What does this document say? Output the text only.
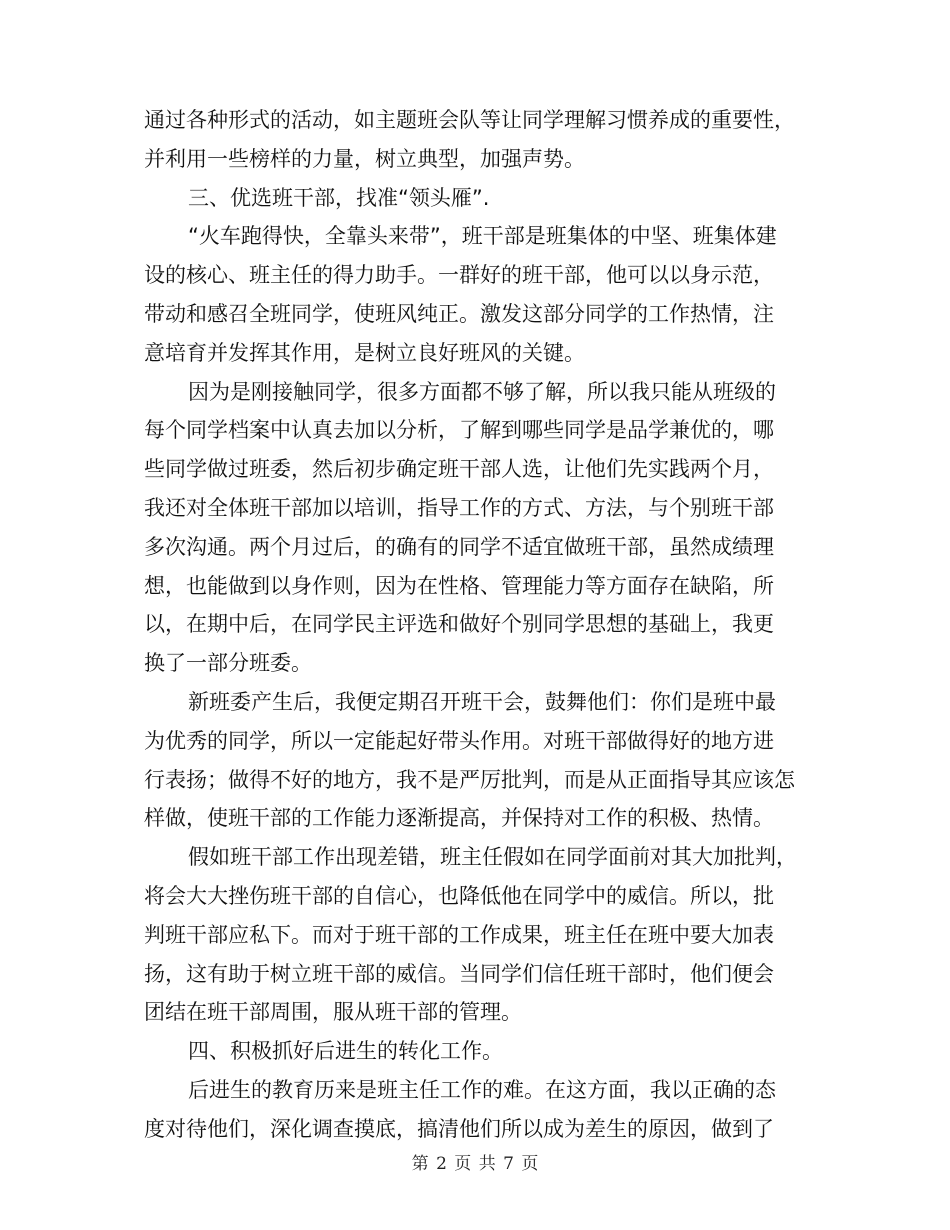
通过各种形式的活动，如主题班会队等让同学理解习惯养成的重要性，
并利用一些榜样的力量，树立典型，加强声势。
三、优选班干部，找准“领头雁”.
“火车跑得快，全靠头来带”，班干部是班集体的中坚、班集体建
设的核心、班主任的得力助手。一群好的班干部，他可以以身示范，
带动和感召全班同学，使班风纯正。激发这部分同学的工作热情，注
意培育并发挥其作用，是树立良好班风的关键。
因为是刚接触同学，很多方面都不够了解，所以我只能从班级的
每个同学档案中认真去加以分析，了解到哪些同学是品学兼优的，哪
些同学做过班委，然后初步确定班干部人选，让他们先实践两个月，
我还对全体班干部加以培训，指导工作的方式、方法，与个别班干部
多次沟通。两个月过后，的确有的同学不适宜做班干部，虽然成绩理
想，也能做到以身作则，因为在性格、管理能力等方面存在缺陷，所
以，在期中后，在同学民主评选和做好个别同学思想的基础上，我更
换了一部分班委。
新班委产生后，我便定期召开班干会，鼓舞他们：你们是班中最
为优秀的同学，所以一定能起好带头作用。对班干部做得好的地方进
行表扬；做得不好的地方，我不是严厉批判，而是从正面指导其应该怎
样做，使班干部的工作能力逐渐提高，并保持对工作的积极、热情。
假如班干部工作出现差错，班主任假如在同学面前对其大加批判，
将会大大挫伤班干部的自信心，也降低他在同学中的威信。所以，批
判班干部应私下。而对于班干部的工作成果，班主任在班中要大加表
扬，这有助于树立班干部的威信。当同学们信任班干部时，他们便会
团结在班干部周围，服从班干部的管理。
四、积极抓好后进生的转化工作。
后进生的教育历来是班主任工作的难。在这方面，我以正确的态
度对待他们，深化调查摸底，搞清他们所以成为差生的原因，做到了
第 2 页 共 7 页
